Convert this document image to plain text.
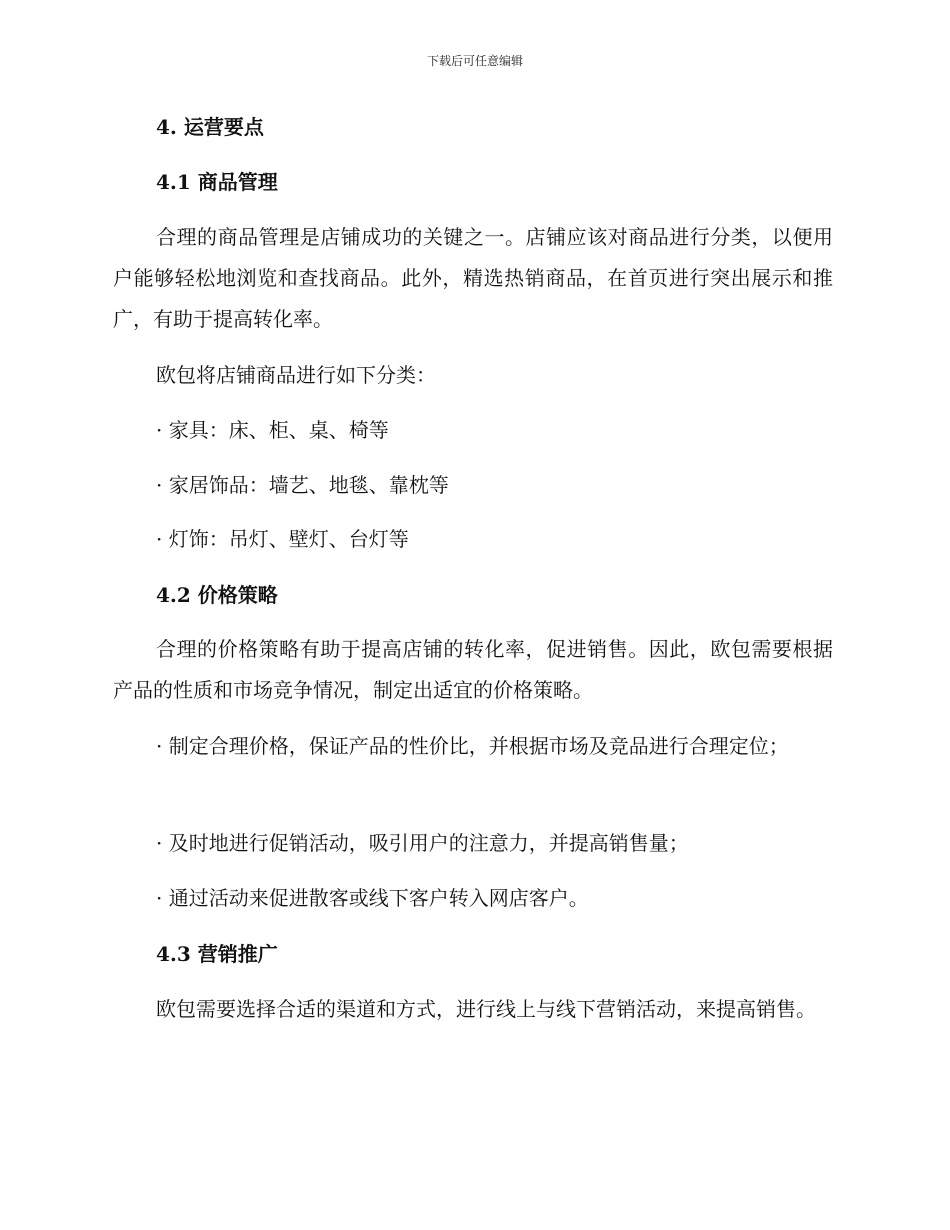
下载后可任意编辑
4. 运营要点
4.1 商品管理

合理的商品管理是店铺成功的关键之一。店铺应该对商品进行分类，以便用户能够轻松地浏览和查找商品。此外，精选热销商品，在首页进行突出展示和推广，有助于提高转化率。

欧包将店铺商品进行如下分类：

· 家具：床、柜、桌、椅等

· 家居饰品：墙艺、地毯、靠枕等

· 灯饰：吊灯、壁灯、台灯等

4.2 价格策略

合理的价格策略有助于提高店铺的转化率，促进销售。因此，欧包需要根据产品的性质和市场竞争情况，制定出适宜的价格策略。

· 制定合理价格，保证产品的性价比，并根据市场及竞品进行合理定位；

· 及时地进行促销活动，吸引用户的注意力，并提高销售量；

· 通过活动来促进散客或线下客户转入网店客户。

4.3 营销推广

欧包需要选择合适的渠道和方式，进行线上与线下营销活动，来提高销售。
